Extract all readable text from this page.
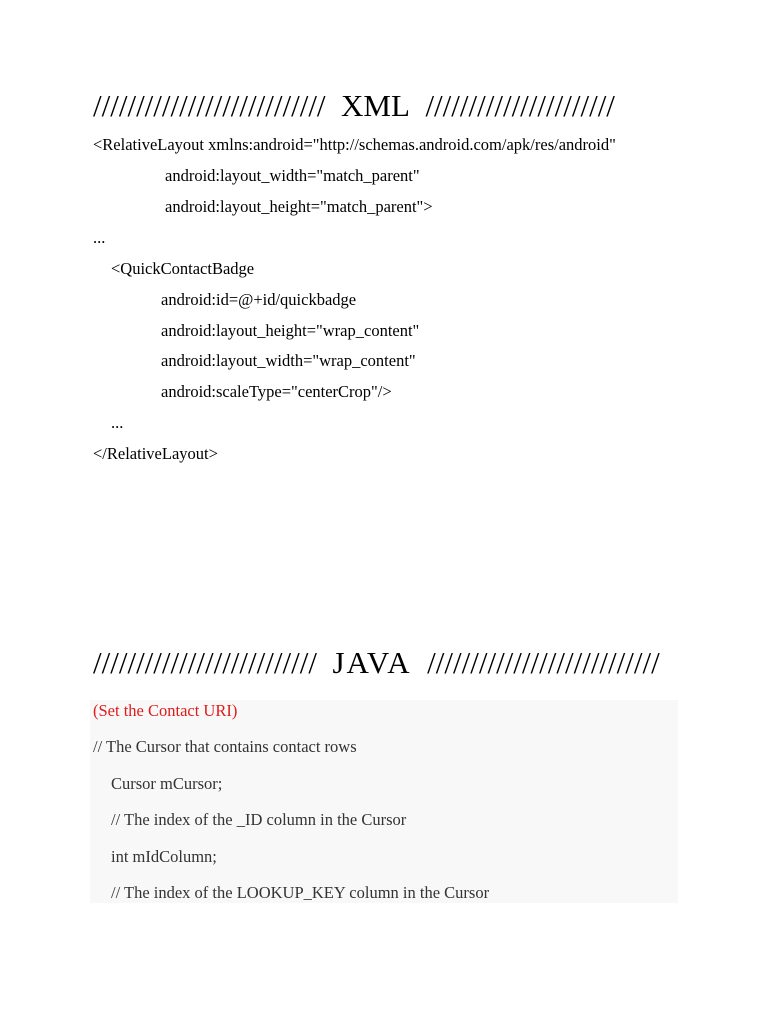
/////////////////////////// XML //////////////////////
<RelativeLayout xmlns:android="http://schemas.android.com/apk/res/android"
android:layout_width="match_parent"
android:layout_height="match_parent">
...
<QuickContactBadge
android:id=@+id/quickbadge
android:layout_height="wrap_content"
android:layout_width="wrap_content"
android:scaleType="centerCrop"/>
...
</RelativeLayout>
////////////////////////// JAVA ///////////////////////////
(Set the Contact URI)
// The Cursor that contains contact rows
Cursor mCursor;
// The index of the _ID column in the Cursor
int mIdColumn;
// The index of the LOOKUP_KEY column in the Cursor
